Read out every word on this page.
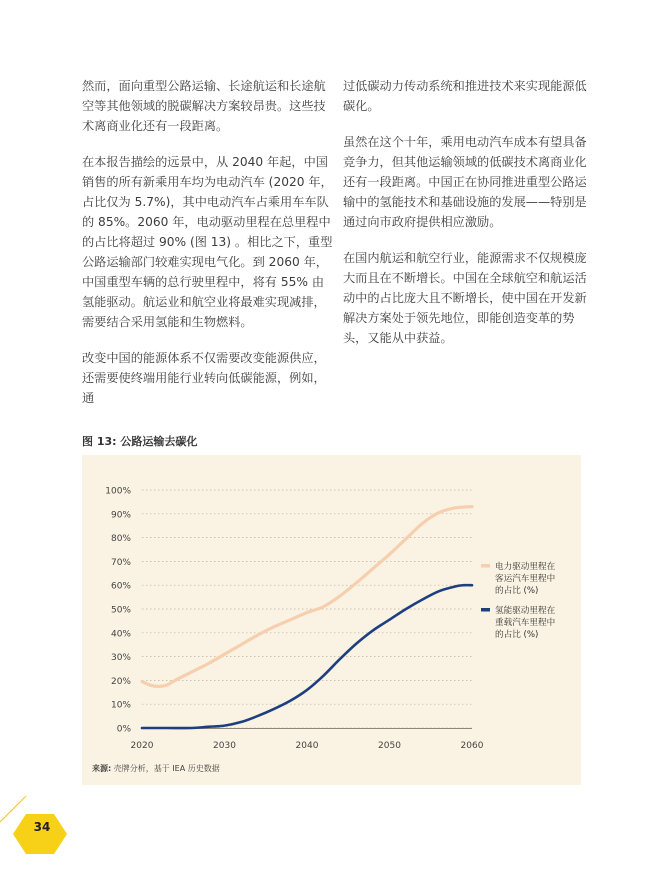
然而，面向重型公路运输、长途航运和长途航空等其他领域的脱碳解决方案较昂贵。这些技术离商业化还有一段距离。

在本报告描绘的远景中，从 2040 年起，中国销售的所有新乘用车均为电动汽车 (2020 年，占比仅为 5.7%)，其中电动汽车占乘用车车队的 85%。2060 年，电动驱动里程在总里程中的占比将超过 90% (图 13) 。相比之下，重型公路运输部门较难实现电气化。到 2060 年，中国重型车辆的总行驶里程中，将有 55% 由氢能驱动。航运业和航空业将最难实现减排，需要结合采用氢能和生物燃料。

改变中国的能源体系不仅需要改变能源供应，还需要使终端用能行业转向低碳能源，例如，通

过低碳动力传动系统和推进技术来实现能源低碳化。

虽然在这个十年，乘用电动汽车成本有望具备竞争力，但其他运输领域的低碳技术离商业化还有一段距离。中国正在协同推进重型公路运输中的氢能技术和基础设施的发展——特别是通过向市政府提供相应激励。

在国内航运和航空行业，能源需求不仅规模庞大而且在不断增长。中国在全球航空和航运活动中的占比庞大且不断增长，使中国在开发新解决方案处于领先地位，即能创造变革的势头，又能从中获益。

图 13: 公路运输去碳化
0%
10%
20%
30%
40%
50%
60%
70%
80%
90%
100%
2020	2030	2040	2050	2060
电力驱动里程在
客运汽车里程中
的占比 (%)
氢能驱动里程在
重载汽车里程中
的占比 (%)
来源: 壳牌分析，基于 IEA 历史数据
34
